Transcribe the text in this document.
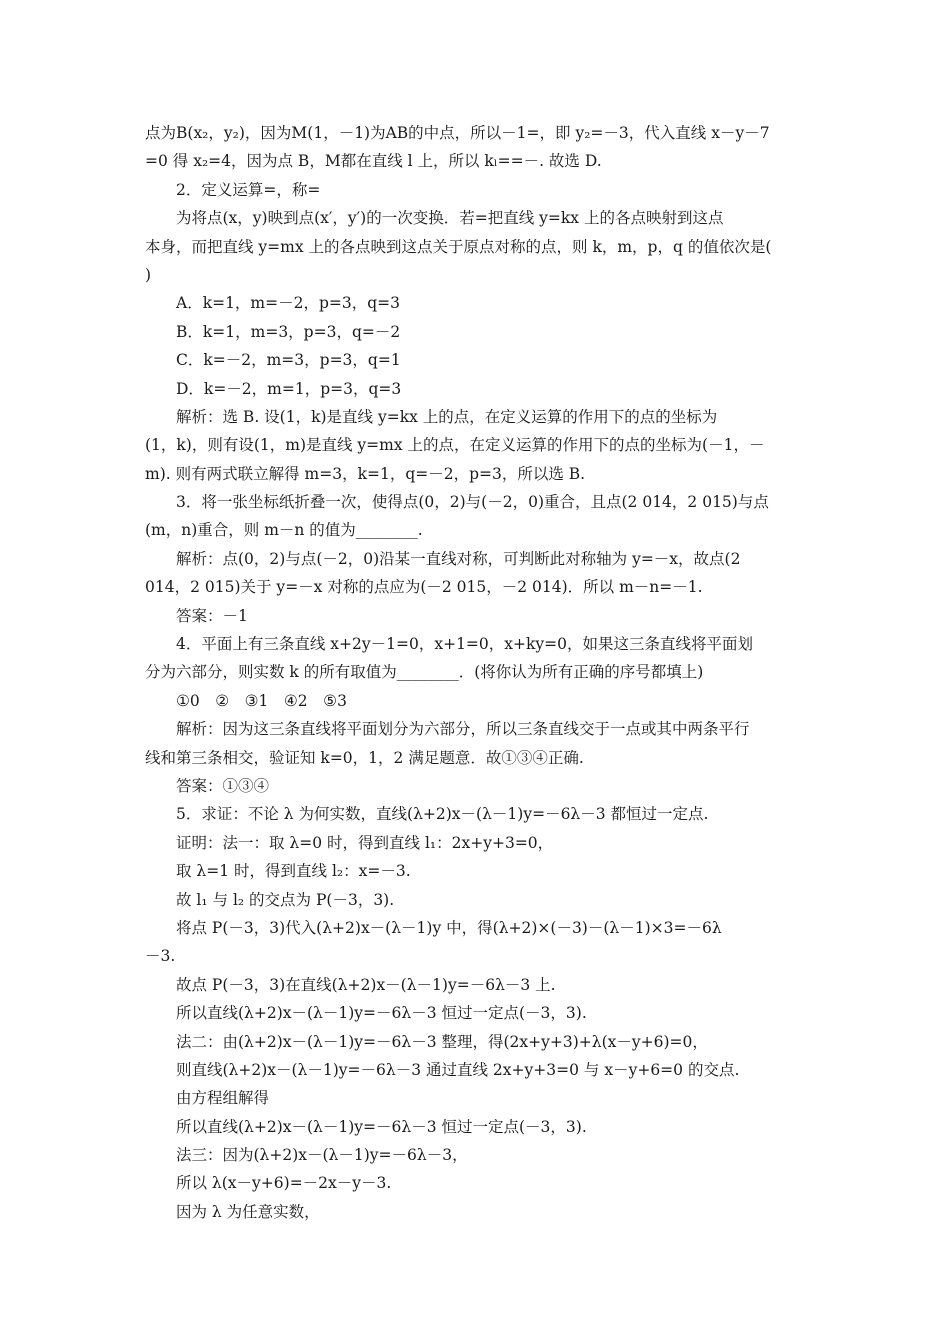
点为B(x₂，y₂)，因为M(1，－1)为AB的中点，所以－1=，即 y₂=－3，代入直线 x－y－7
=0 得 x₂=4，因为点 B，M都在直线 l 上，所以 kₗ==－. 故选 D.
2．定义运算=，称=
为将点(x，y)映到点(x′，y′)的一次变换．若=把直线 y=kx 上的各点映射到这点
本身，而把直线 y=mx 上的各点映到这点关于原点对称的点，则 k，m，p，q 的值依次是(
)
A．k=1，m=－2，p=3，q=3
B．k=1，m=3，p=3，q=－2
C．k=－2，m=3，p=3，q=1
D．k=－2，m=1，p=3，q=3
解析：选 B. 设(1，k)是直线 y=kx 上的点，在定义运算的作用下的点的坐标为
(1，k)，则有设(1，m)是直线 y=mx 上的点，在定义运算的作用下的点的坐标为(－1，－
m). 则有两式联立解得 m=3，k=1，q=－2，p=3，所以选 B.
3．将一张坐标纸折叠一次，使得点(0，2)与(－2，0)重合，且点(2 014，2 015)与点
(m，n)重合，则 m－n 的值为________.
解析：点(0，2)与点(－2，0)沿某一直线对称，可判断此对称轴为 y=－x，故点(2
014，2 015)关于 y=－x 对称的点应为(－2 015，－2 014)．所以 m－n=－1.
答案：－1
4．平面上有三条直线 x+2y－1=0，x+1=0，x+ky=0，如果这三条直线将平面划
分为六部分，则实数 k 的所有取值为________．(将你认为所有正确的序号都填上)
①0　②　③1　④2　⑤3
解析：因为这三条直线将平面划分为六部分，所以三条直线交于一点或其中两条平行
线和第三条相交，验证知 k=0，1，2 满足题意．故①③④正确.
答案：①③④
5．求证：不论 λ 为何实数，直线(λ+2)x－(λ－1)y=－6λ－3 都恒过一定点.
证明：法一：取 λ=0 时，得到直线 l₁：2x+y+3=0，
取 λ=1 时，得到直线 l₂：x=－3.
故 l₁ 与 l₂ 的交点为 P(－3，3).
将点 P(－3，3)代入(λ+2)x－(λ－1)y 中，得(λ+2)×(－3)－(λ－1)×3=－6λ
－3.
故点 P(－3，3)在直线(λ+2)x－(λ－1)y=－6λ－3 上.
所以直线(λ+2)x－(λ－1)y=－6λ－3 恒过一定点(－3，3).
法二：由(λ+2)x－(λ－1)y=－6λ－3 整理，得(2x+y+3)+λ(x－y+6)=0，
则直线(λ+2)x－(λ－1)y=－6λ－3 通过直线 2x+y+3=0 与 x－y+6=0 的交点.
由方程组解得
所以直线(λ+2)x－(λ－1)y=－6λ－3 恒过一定点(－3，3).
法三：因为(λ+2)x－(λ－1)y=－6λ－3，
所以 λ(x－y+6)=－2x－y－3.
因为 λ 为任意实数，
